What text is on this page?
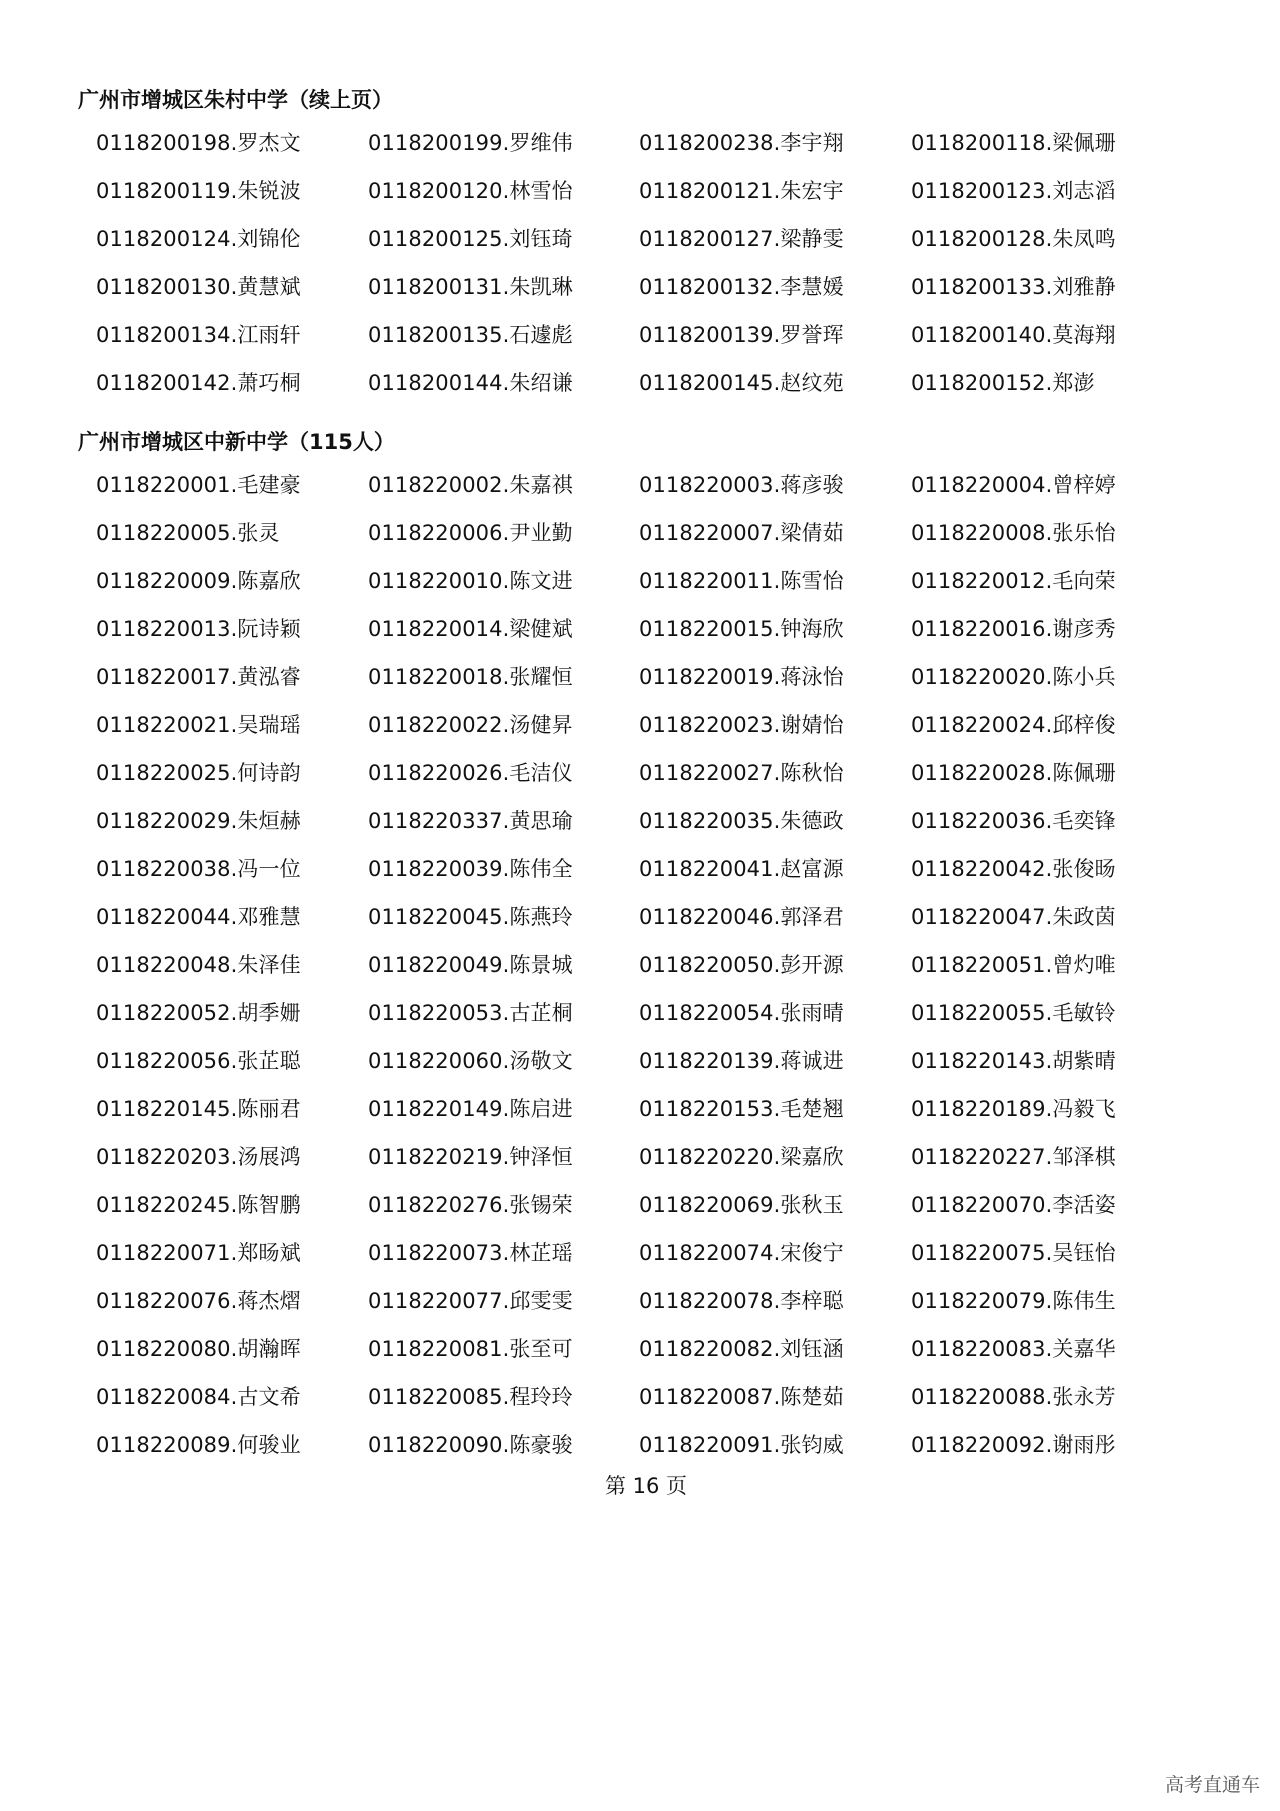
广州市增城区朱村中学（续上页）
0118200198.罗杰文	0118200199.罗维伟	0118200238.李宇翔	0118200118.梁佩珊
0118200119.朱锐波	0118200120.林雪怡	0118200121.朱宏宇	0118200123.刘志滔
0118200124.刘锦伦	0118200125.刘钰琦	0118200127.梁静雯	0118200128.朱凤鸣
0118200130.黄慧斌	0118200131.朱凯琳	0118200132.李慧媛	0118200133.刘雅静
0118200134.江雨轩	0118200135.石遽彪	0118200139.罗誉珲	0118200140.莫海翔
0118200142.萧巧桐	0118200144.朱绍谦	0118200145.赵纹苑	0118200152.郑澎
广州市增城区中新中学（115人）
0118220001.毛建豪	0118220002.朱嘉祺	0118220003.蒋彦骏	0118220004.曾梓婷
0118220005.张灵	0118220006.尹业勤	0118220007.梁倩茹	0118220008.张乐怡
0118220009.陈嘉欣	0118220010.陈文进	0118220011.陈雪怡	0118220012.毛向荣
0118220013.阮诗颖	0118220014.梁健斌	0118220015.钟海欣	0118220016.谢彦秀
0118220017.黄泓睿	0118220018.张耀恒	0118220019.蒋泳怡	0118220020.陈小兵
0118220021.吴瑞瑶	0118220022.汤健昇	0118220023.谢婧怡	0118220024.邱梓俊
0118220025.何诗韵	0118220026.毛洁仪	0118220027.陈秋怡	0118220028.陈佩珊
0118220029.朱烜赫	0118220337.黄思瑜	0118220035.朱德政	0118220036.毛奕锋
0118220038.冯一位	0118220039.陈伟全	0118220041.赵富源	0118220042.张俊旸
0118220044.邓雅慧	0118220045.陈燕玲	0118220046.郭泽君	0118220047.朱政茵
0118220048.朱泽佳	0118220049.陈景城	0118220050.彭开源	0118220051.曾灼唯
0118220052.胡季姗	0118220053.古芷桐	0118220054.张雨晴	0118220055.毛敏铃
0118220056.张芷聪	0118220060.汤敬文	0118220139.蒋诚进	0118220143.胡紫晴
0118220145.陈丽君	0118220149.陈启进	0118220153.毛楚翘	0118220189.冯毅飞
0118220203.汤展鸿	0118220219.钟泽恒	0118220220.梁嘉欣	0118220227.邹泽棋
0118220245.陈智鹏	0118220276.张锡荣	0118220069.张秋玉	0118220070.李活姿
0118220071.郑旸斌	0118220073.林芷瑶	0118220074.宋俊宁	0118220075.吴钰怡
0118220076.蒋杰熠	0118220077.邱雯雯	0118220078.李梓聪	0118220079.陈伟生
0118220080.胡瀚晖	0118220081.张至可	0118220082.刘钰涵	0118220083.关嘉华
0118220084.古文希	0118220085.程玲玲	0118220087.陈楚茹	0118220088.张永芳
0118220089.何骏业	0118220090.陈豪骏	0118220091.张钧威	0118220092.谢雨彤
第 16 页
高考直通车
